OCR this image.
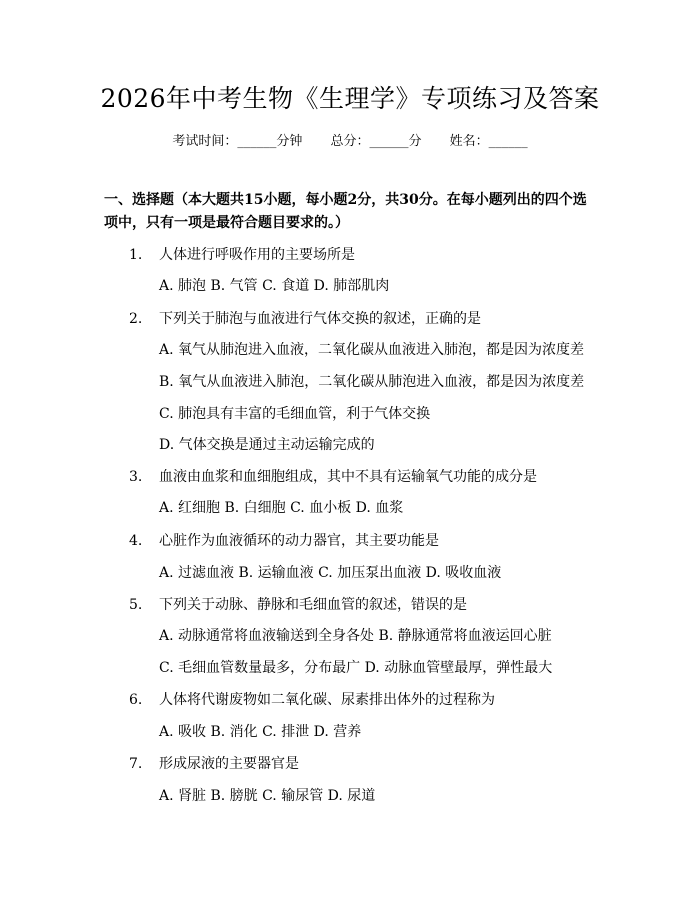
2026年中考生物《生理学》专项练习及答案
考试时间：______分钟 总分：______分 姓名：______
一、选择题（本大题共15小题，每小题2分，共30分。在每小题列出的四个选项中，只有一项是最符合题目要求的。）
1.	人体进行呼吸作用的主要场所是
A. 肺泡 B. 气管 C. 食道 D. 肺部肌肉
2.	下列关于肺泡与血液进行气体交换的叙述，正确的是
A. 氧气从肺泡进入血液，二氧化碳从血液进入肺泡，都是因为浓度差
B. 氧气从血液进入肺泡，二氧化碳从肺泡进入血液，都是因为浓度差
C. 肺泡具有丰富的毛细血管，利于气体交换
D. 气体交换是通过主动运输完成的
3.	血液由血浆和血细胞组成，其中不具有运输氧气功能的成分是
A. 红细胞 B. 白细胞 C. 血小板 D. 血浆
4.	心脏作为血液循环的动力器官，其主要功能是
A. 过滤血液 B. 运输血液 C. 加压泵出血液 D. 吸收血液
5.	下列关于动脉、静脉和毛细血管的叙述，错误的是
A. 动脉通常将血液输送到全身各处 B. 静脉通常将血液运回心脏
C. 毛细血管数量最多，分布最广 D. 动脉血管壁最厚，弹性最大
6.	人体将代谢废物如二氧化碳、尿素排出体外的过程称为
A. 吸收 B. 消化 C. 排泄 D. 营养
7.	形成尿液的主要器官是
A. 肾脏 B. 膀胱 C. 输尿管 D. 尿道
